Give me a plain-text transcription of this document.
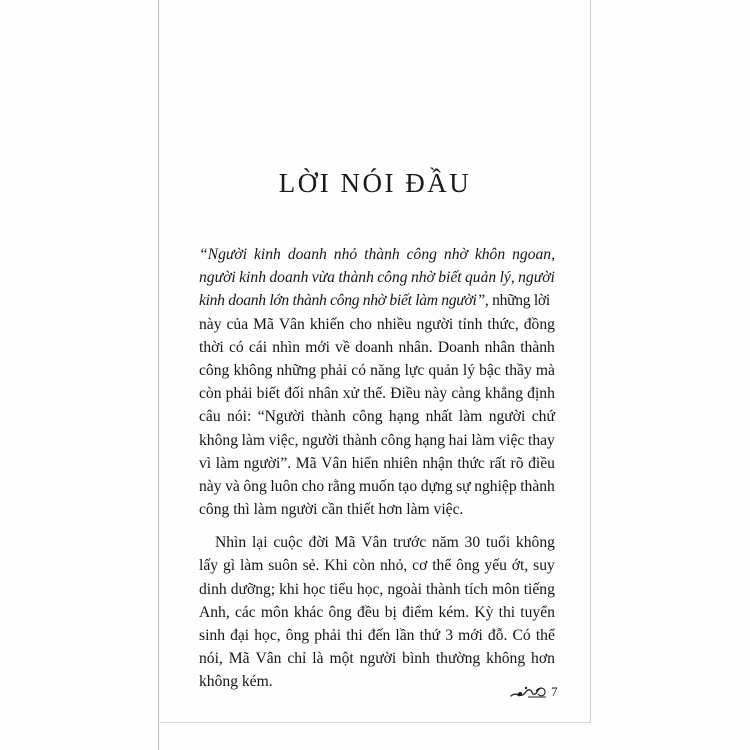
LỜI NÓI ĐẦU
“Người kinh doanh nhỏ thành công nhờ khôn ngoan,
người kinh doanh vừa thành công nhờ biết quản lý, người
kinh doanh lớn thành công nhờ biết làm người”, những lời
này của Mã Vân khiến cho nhiều người tỉnh thức, đồng
thời có cái nhìn mới về doanh nhân. Doanh nhân thành
công không những phải có năng lực quản lý bậc thầy mà
còn phải biết đối nhân xử thế. Điều này càng khẳng định
câu nói: “Người thành công hạng nhất làm người chứ
không làm việc, người thành công hạng hai làm việc thay
vì làm người”. Mã Vân hiển nhiên nhận thức rất rõ điều
này và ông luôn cho rằng muốn tạo dựng sự nghiệp thành
công thì làm người cần thiết hơn làm việc.
Nhìn lại cuộc đời Mã Vân trước năm 30 tuổi không
lấy gì làm suôn sẻ. Khi còn nhỏ, cơ thể ông yếu ớt, suy
dinh dưỡng; khi học tiểu học, ngoài thành tích môn tiếng
Anh, các môn khác ông đều bị điểm kém. Kỳ thi tuyển
sinh đại học, ông phải thi đến lần thứ 3 mới đỗ. Có thể
nói, Mã Vân chỉ là một người bình thường không hơn
không kém.
7
